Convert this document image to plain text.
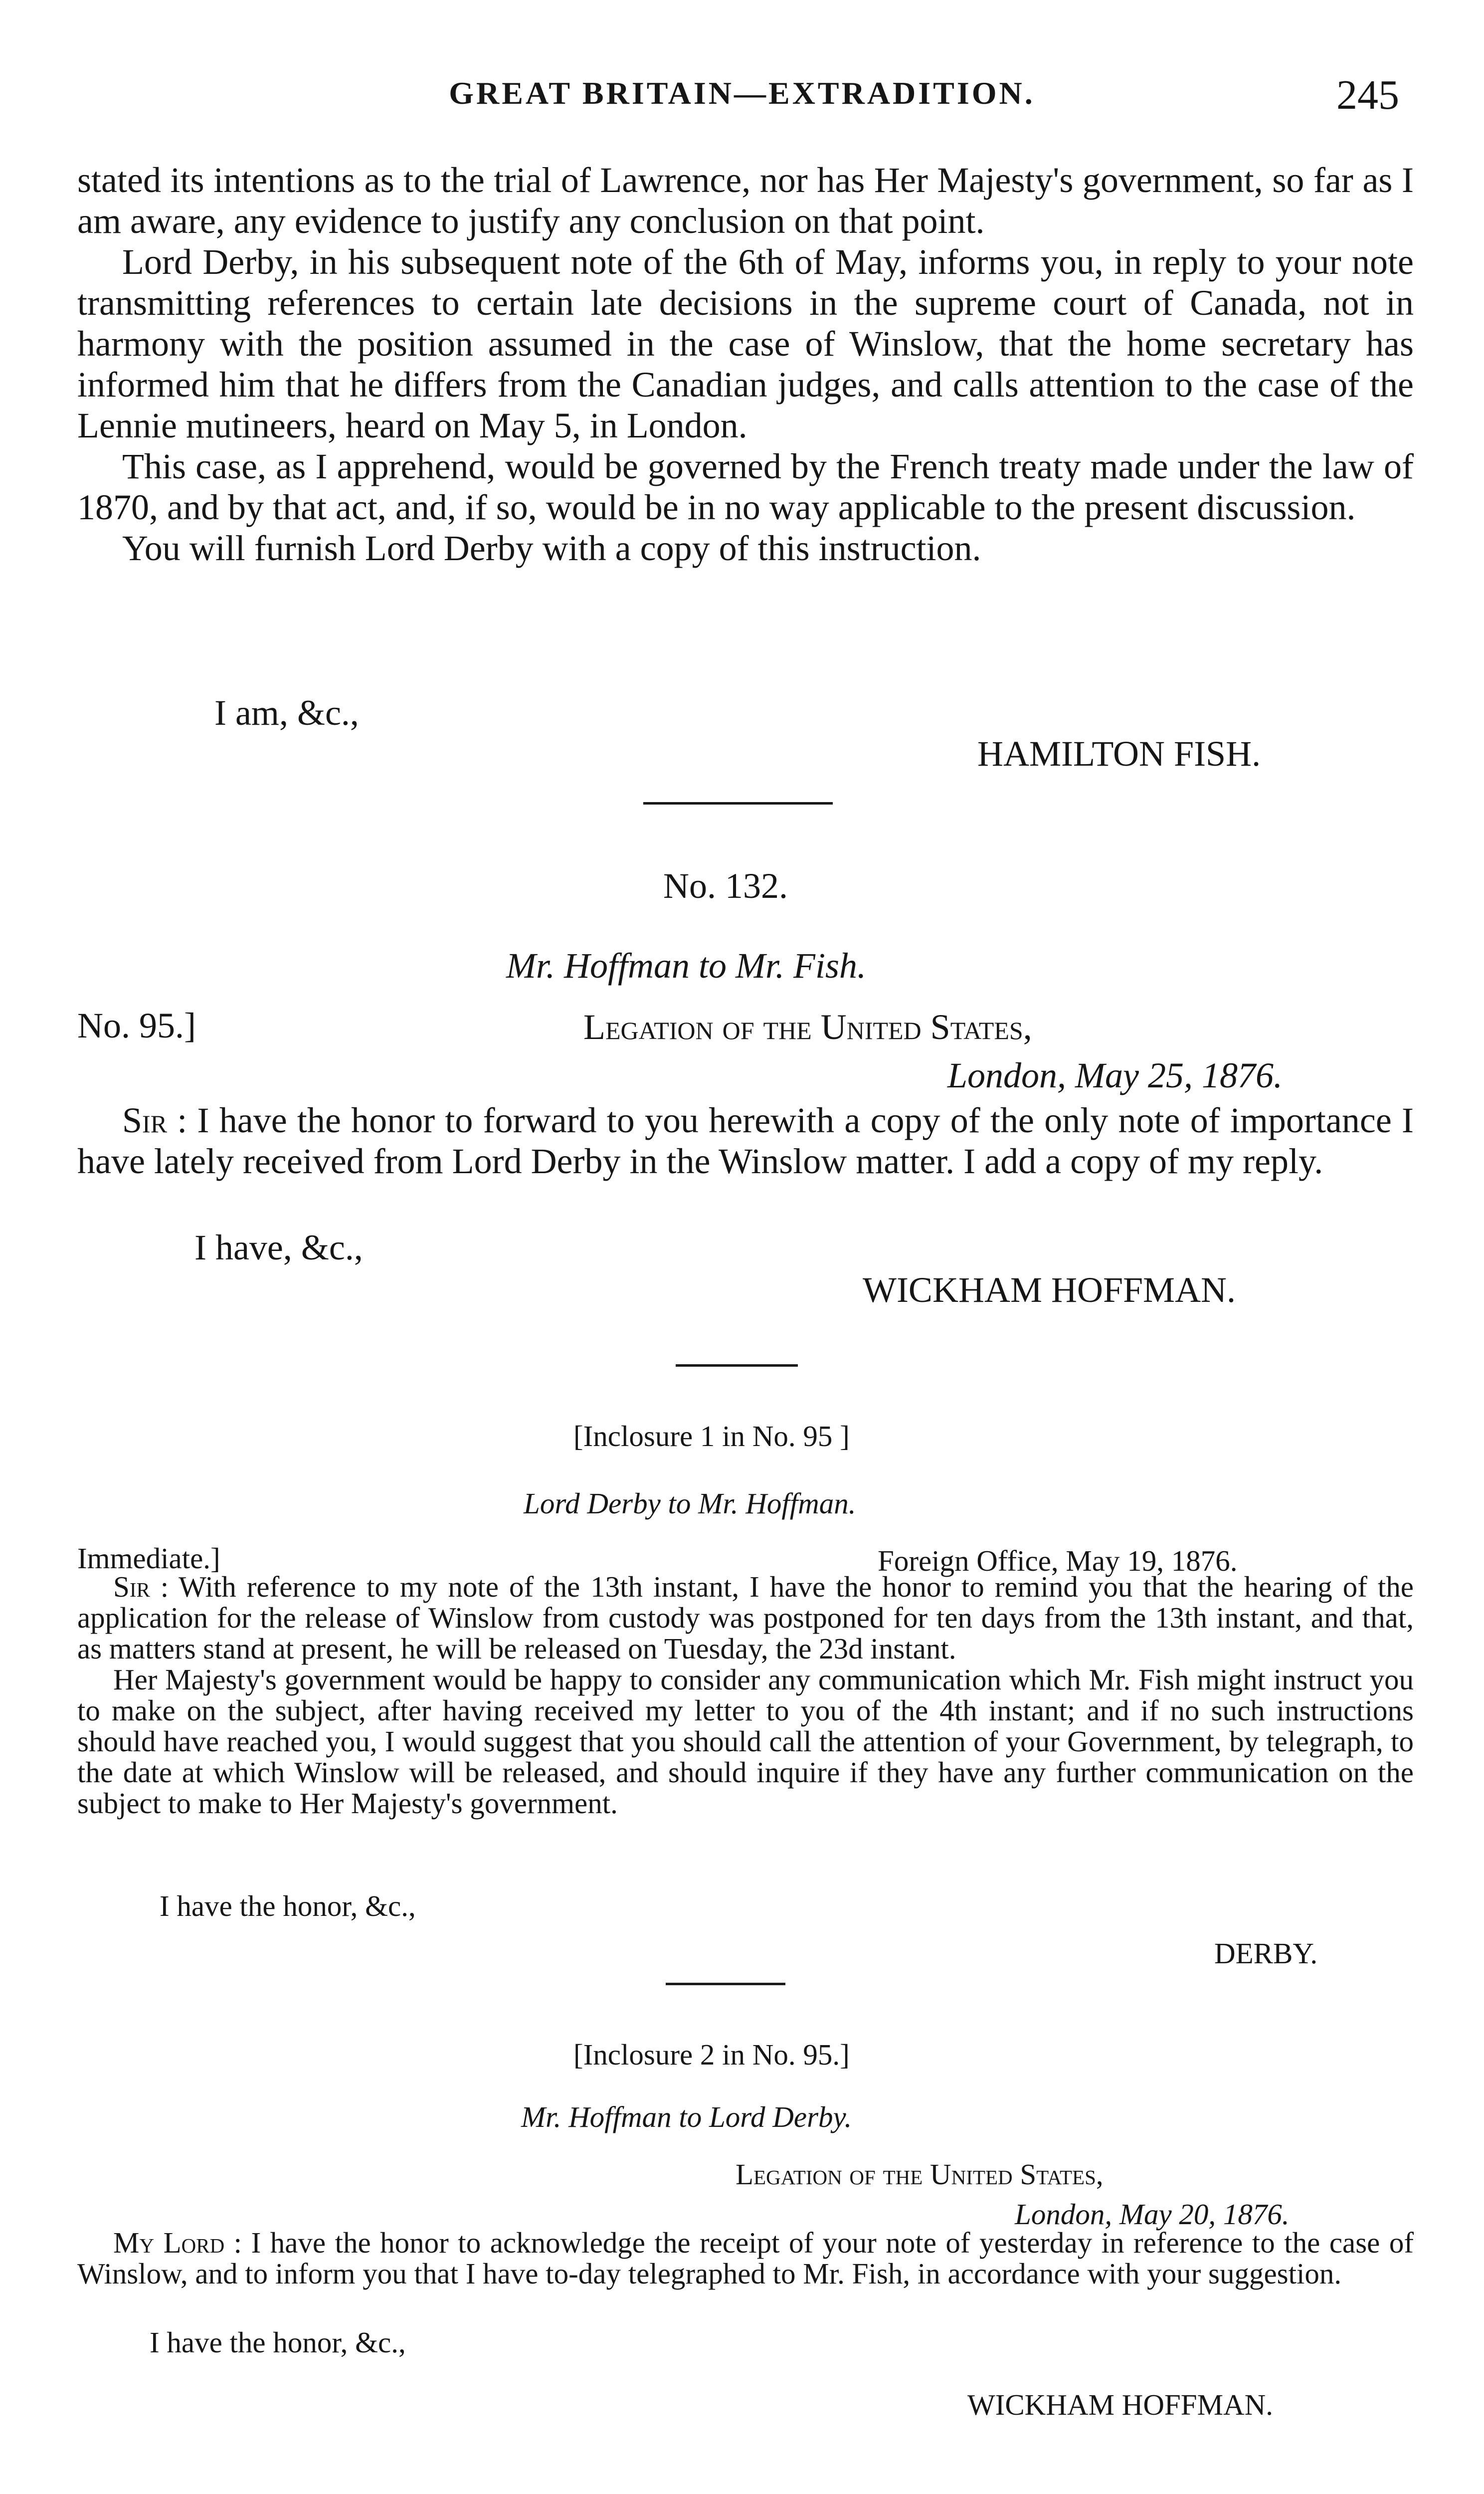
GREAT BRITAIN—EXTRADITION.	245

stated its intentions as to the trial of Lawrence, nor has Her Majesty's government, so far as I am aware, any evidence to justify any conclusion on that point.

Lord Derby, in his subsequent note of the 6th of May, informs you, in reply to your note transmitting references to certain late decisions in the supreme court of Canada, not in harmony with the position assumed in the case of Winslow, that the home secretary has informed him that he differs from the Canadian judges, and calls attention to the case of the Lennie mutineers, heard on May 5, in London.

This case, as I apprehend, would be governed by the French treaty made under the law of 1870, and by that act, and, if so, would be in no way applicable to the present discussion.

You will furnish Lord Derby with a copy of this instruction.

I am, &c.,
HAMILTON FISH.
No. 132.
Mr. Hoffman to Mr. Fish.
No. 95.]	Legation of the United States,
London, May 25, 1876.

Sir : I have the honor to forward to you herewith a copy of the only note of importance I have lately received from Lord Derby in the Winslow matter. I add a copy of my reply.

I have, &c.,
WICKHAM HOFFMAN.
[Inclosure 1 in No. 95 ]
Lord Derby to Mr. Hoffman.
Immediate.]	Foreign Office, May 19, 1876.

Sir : With reference to my note of the 13th instant, I have the honor to remind you that the hearing of the application for the release of Winslow from custody was postponed for ten days from the 13th instant, and that, as matters stand at present, he will be released on Tuesday, the 23d instant.

Her Majesty's government would be happy to consider any communication which Mr. Fish might instruct you to make on the subject, after having received my letter to you of the 4th instant; and if no such instructions should have reached you, I would suggest that you should call the attention of your Government, by telegraph, to the date at which Winslow will be released, and should inquire if they have any further communication on the subject to make to Her Majesty's government.

I have the honor, &c.,
DERBY.
[Inclosure 2 in No. 95.]
Mr. Hoffman to Lord Derby.
Legation of the United States,
London, May 20, 1876.

My Lord : I have the honor to acknowledge the receipt of your note of yesterday in reference to the case of Winslow, and to inform you that I have to-day telegraphed to Mr. Fish, in accordance with your suggestion.

I have the honor, &c.,
WICKHAM HOFFMAN.
